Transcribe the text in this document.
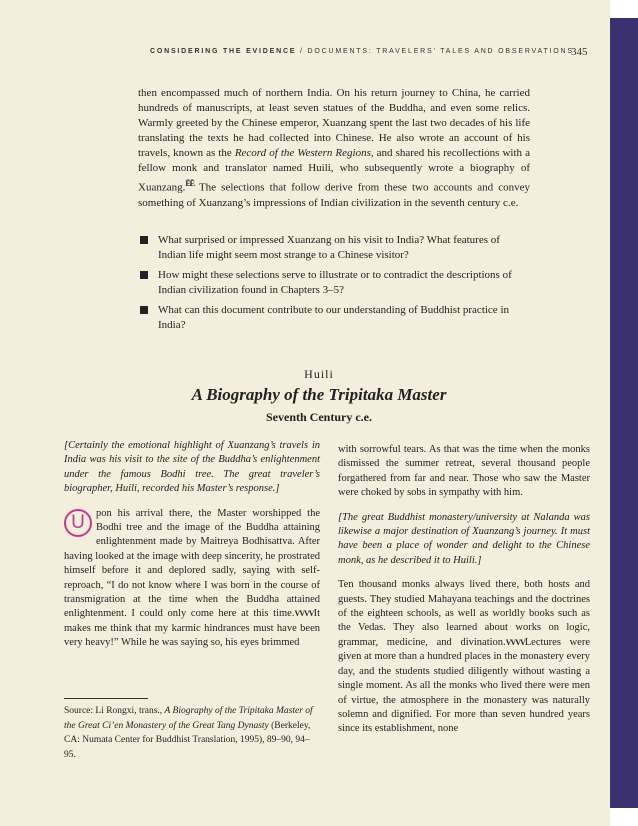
CONSIDERING THE EVIDENCE / DOCUMENTS: TRAVELERS’ TALES AND OBSERVATIONS
345

then encompassed much of northern India. On his return journey to China, he carried hundreds of manuscripts, at least seven statues of the Buddha, and even some relics. Warmly greeted by the Chinese emperor, Xuanzang spent the last two decades of his life translating the texts he had collected into Chinese. He also wrote an account of his travels, known as the Record of the Western Regions, and shared his recollections with a fellow monk and translator named Huili, who subsequently wrote a biography of Xuanzang.$^{ĒĒ}$ The selections that follow derive from these two accounts and convey something of Xuanzang’s impressions of Indian civilization in the seventh century c.e.

What surprised or impressed Xuanzang on his visit to India? What features of Indian life might seem most strange to a Chinese visitor?
How might these selections serve to illustrate or to contradict the descriptions of Indian civilization found in Chapters 3–5?
What can this document contribute to our understanding of Buddhist practice in India?
Huili
A Biography of the Tripitaka Master
Seventh Century c.e.

[Certainly the emotional highlight of Xuanzang’s travels in India was his visit to the site of the Buddha’s enlightenment under the famous Bodhi tree. The great traveler’s biographer, Huili, recorded his Master’s response.]

U	pon his arrival there, the Master worshipped the Bodhi tree and the image of the Buddha attaining enlightenment made by Maitreya Bodhisattva. After having looked at the image with deep sincerity, he prostrated himself before it and deplored sadly, saying with self-reproach, “I do not know where I was born in the course of transmigration at the time when the Buddha attained enlightenment. I could only come here at this time.VVVVIt makes me think that my karmic hindrances must have been very heavy!” While he was saying so, his eyes brimmed

with sorrowful tears. As that was the time when the monks dismissed the summer retreat, several thousand people forgathered from far and near. Those who saw the Master were choked by sobs in sympathy with him.

[The great Buddhist monastery/university at Nalanda was likewise a major destination of Xuanzang’s journey. It must have been a place of wonder and delight to the Chinese monk, as he described it to Huili.]

Ten thousand monks always lived there, both hosts and guests. They studied Mahayana teachings and the doctrines of the eighteen schools, as well as worldly books such as the Vedas. They also learned about works on logic, grammar, medicine, and divination.VVVVLectures were given at more than a hundred places in the monastery every day, and the students studied diligently without wasting a single moment. As all the monks who lived there were men of virtue, the atmosphere in the monastery was naturally solemn and dignified. For more than seven hundred years since its establishment, none

Source: Li Rongxi, trans., A Biography of the Tripitaka Master of the Great Ci’en Monastery of the Great Tang Dynasty (Berkeley, CA: Numata Center for Buddhist Translation, 1995), 89–90, 94–95.
